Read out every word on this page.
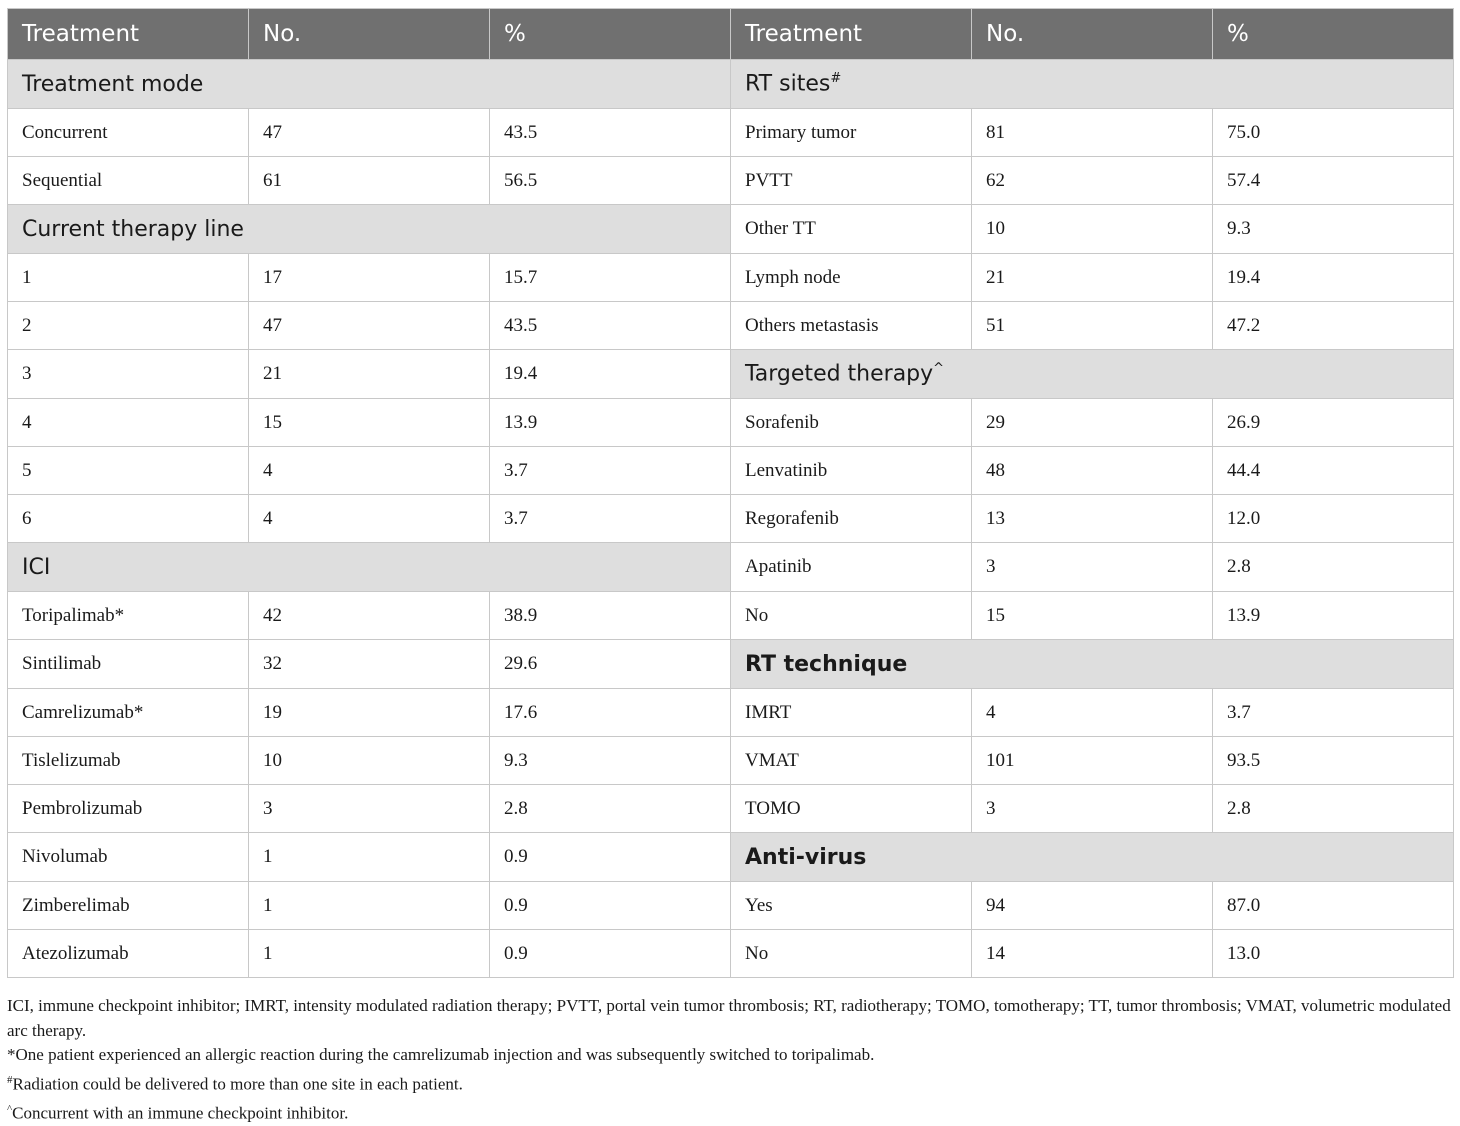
Treatment	No.	%	Treatment	No.	%
Treatment mode			RT sites#
Concurrent	47	43.5	Primary tumor	81	75.0
Sequential	61	56.5	PVTT	62	57.4
Current therapy line			Other TT	10	9.3
1	17	15.7	Lymph node	21	19.4
2	47	43.5	Others metastasis	51	47.2
3	21	19.4	Targeted therapy^
4	15	13.9	Sorafenib	29	26.9
5	4	3.7	Lenvatinib	48	44.4
6	4	3.7	Regorafenib	13	12.0
ICI			Apatinib	3	2.8
Toripalimab*	42	38.9	No	15	13.9
Sintilimab	32	29.6	RT technique		
Camrelizumab*	19	17.6	IMRT	4	3.7
Tislelizumab	10	9.3	VMAT	101	93.5
Pembrolizumab	3	2.8	TOMO	3	2.8
Nivolumab	1	0.9	Anti-virus		
Zimberelimab	1	0.9	Yes	94	87.0
Atezolizumab	1	0.9	No	14	13.0

ICI, immune checkpoint inhibitor; IMRT, intensity modulated radiation therapy; PVTT, portal vein tumor thrombosis; RT, radiotherapy; TOMO, tomotherapy; TT, tumor thrombosis; VMAT, volumetric modulated arc therapy.

*One patient experienced an allergic reaction during the camrelizumab injection and was subsequently switched to toripalimab.

#Radiation could be delivered to more than one site in each patient.

^Concurrent with an immune checkpoint inhibitor.
